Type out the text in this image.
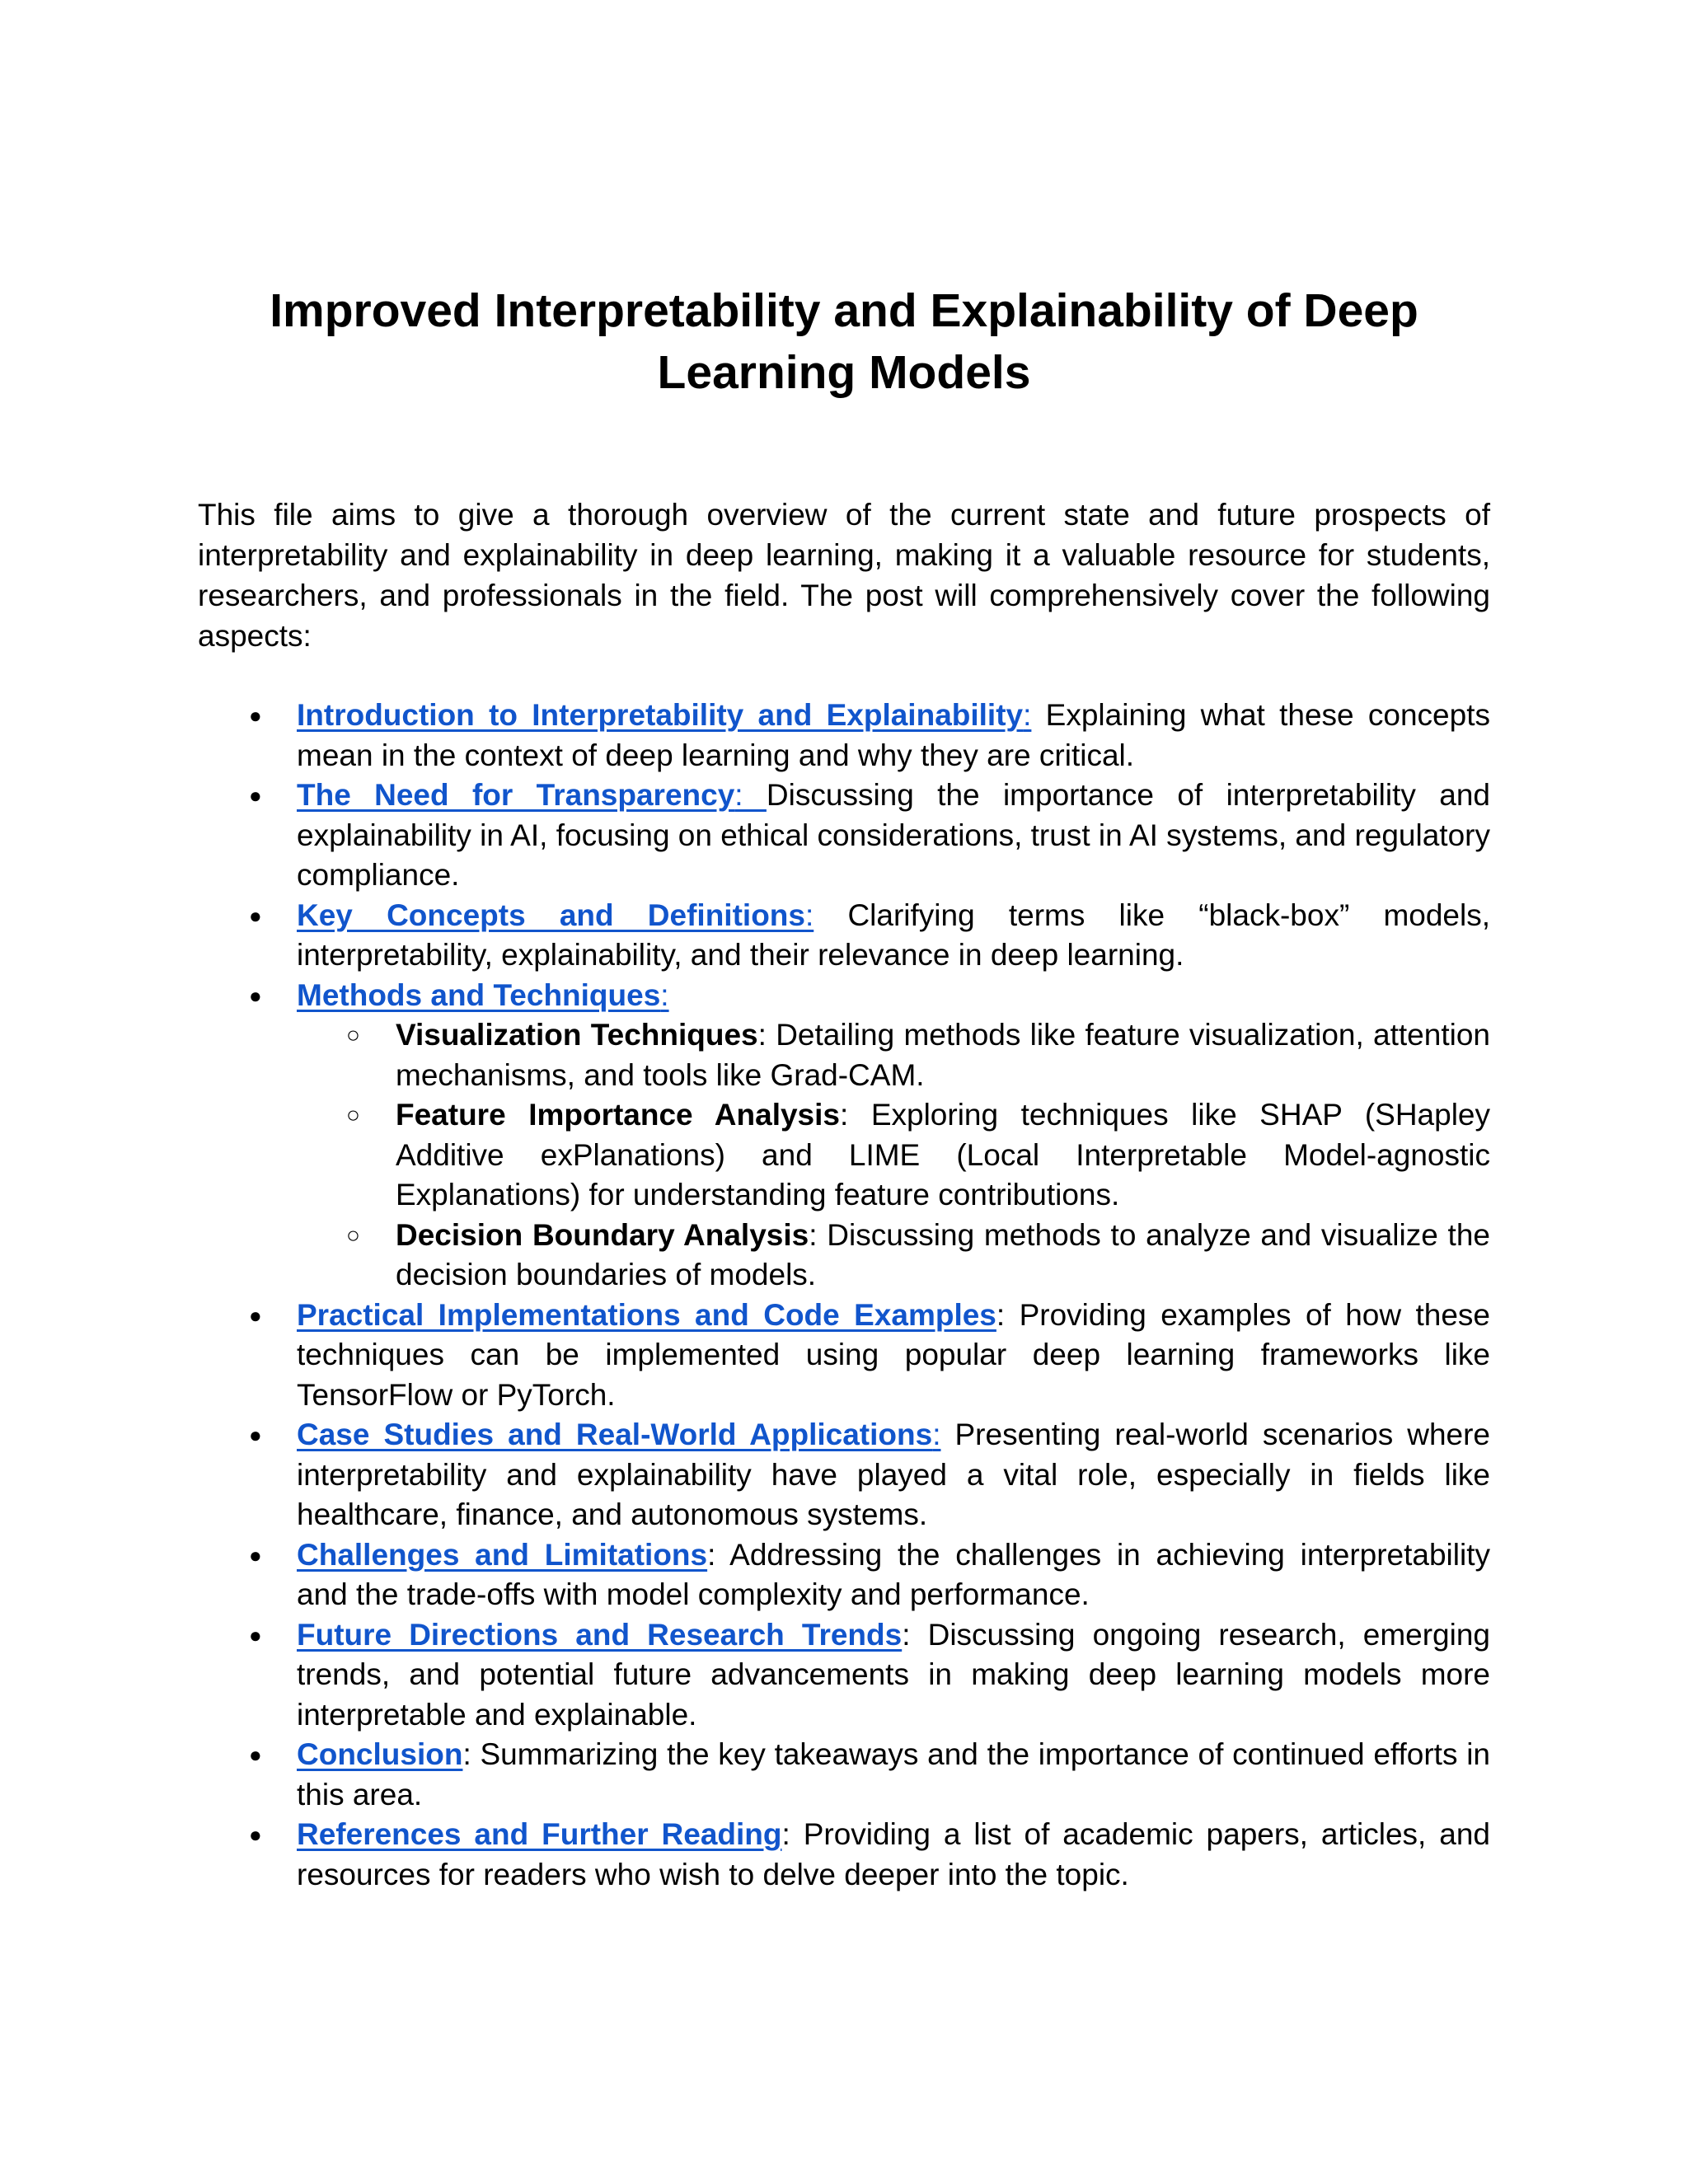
Improved Interpretability and Explainability of Deep Learning Models

This file aims to give a thorough overview of the current state and future prospects of interpretability and explainability in deep learning, making it a valuable resource for students, researchers, and professionals in the field. The post will comprehensively cover the following aspects:

● Introduction to Interpretability and Explainability: Explaining what these concepts mean in the context of deep learning and why they are critical.
● The Need for Transparency: Discussing the importance of interpretability and explainability in AI, focusing on ethical considerations, trust in AI systems, and regulatory compliance.
● Key Concepts and Definitions: Clarifying terms like “black-box” models, interpretability, explainability, and their relevance in deep learning.
● Methods and Techniques:
○ Visualization Techniques: Detailing methods like feature visualization, attention mechanisms, and tools like Grad-CAM.
○ Feature Importance Analysis: Exploring techniques like SHAP (SHapley Additive exPlanations) and LIME (Local Interpretable Model-agnostic Explanations) for understanding feature contributions.
○ Decision Boundary Analysis: Discussing methods to analyze and visualize the decision boundaries of models.
● Practical Implementations and Code Examples: Providing examples of how these techniques can be implemented using popular deep learning frameworks like TensorFlow or PyTorch.
● Case Studies and Real-World Applications: Presenting real-world scenarios where interpretability and explainability have played a vital role, especially in fields like healthcare, finance, and autonomous systems.
● Challenges and Limitations: Addressing the challenges in achieving interpretability and the trade-offs with model complexity and performance.
● Future Directions and Research Trends: Discussing ongoing research, emerging trends, and potential future advancements in making deep learning models more interpretable and explainable.
● Conclusion: Summarizing the key takeaways and the importance of continued efforts in this area.
● References and Further Reading: Providing a list of academic papers, articles, and resources for readers who wish to delve deeper into the topic.
